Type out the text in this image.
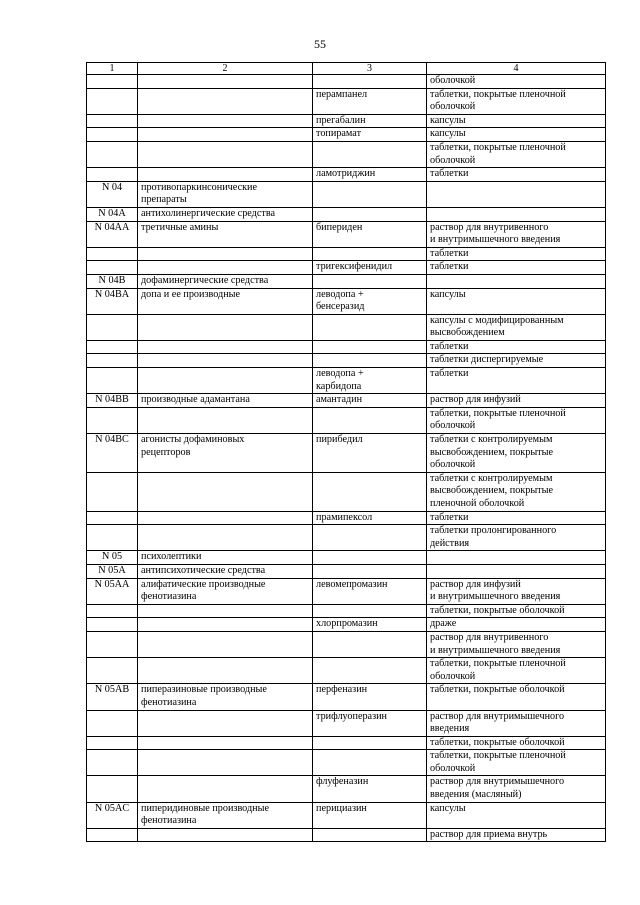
55
1	2	3	4

			оболочкой

		перампанел	таблетки, покрытые пленочной
оболочкой

		прегабалин	капсулы

		топирамат	капсулы

			таблетки, покрытые пленочной
оболочкой

		ламотриджин	таблетки

N 04	противопаркинсонические
препараты		

N 04A	антихолинергические средства		

N 04AA	третичные амины	бипериден	раствор для внутривенного
и внутримышечного введения

			таблетки

		тригексифенидил	таблетки

N 04B	дофаминергические средства		

N 04BA	допа и ее производные	леводопа +
бенсеразид	капсулы

			капсулы с модифицированным
высвобождением

			таблетки

			таблетки диспергируемые

		леводопа +
карбидопа	таблетки

N 04BB	производные адамантана	амантадин	раствор для инфузий

			таблетки, покрытые пленочной
оболочкой

N 04BC	агонисты дофаминовых
рецепторов	пирибедил	таблетки с контролируемым
высвобождением, покрытые
оболочкой

			таблетки с контролируемым
высвобождением, покрытые
пленочной оболочкой

		прамипексол	таблетки

			таблетки пролонгированного
действия

N 05	психолептики		

N 05A	антипсихотические средства		

N 05AA	алифатические производные
фенотиазина	левомепромазин	раствор для инфузий
и внутримышечного введения

			таблетки, покрытые оболочкой

		хлорпромазин	драже

			раствор для внутривенного
и внутримышечного введения

			таблетки, покрытые пленочной
оболочкой

N 05AB	пиперазиновые производные
фенотиазина	перфеназин	таблетки, покрытые оболочкой

		трифлуоперазин	раствор для внутримышечного
введения

			таблетки, покрытые оболочкой

			таблетки, покрытые пленочной
оболочкой

		флуфеназин	раствор для внутримышечного
введения (масляный)

N 05AC	пиперидиновые производные
фенотиазина	перициазин	капсулы

			раствор для приема внутрь
